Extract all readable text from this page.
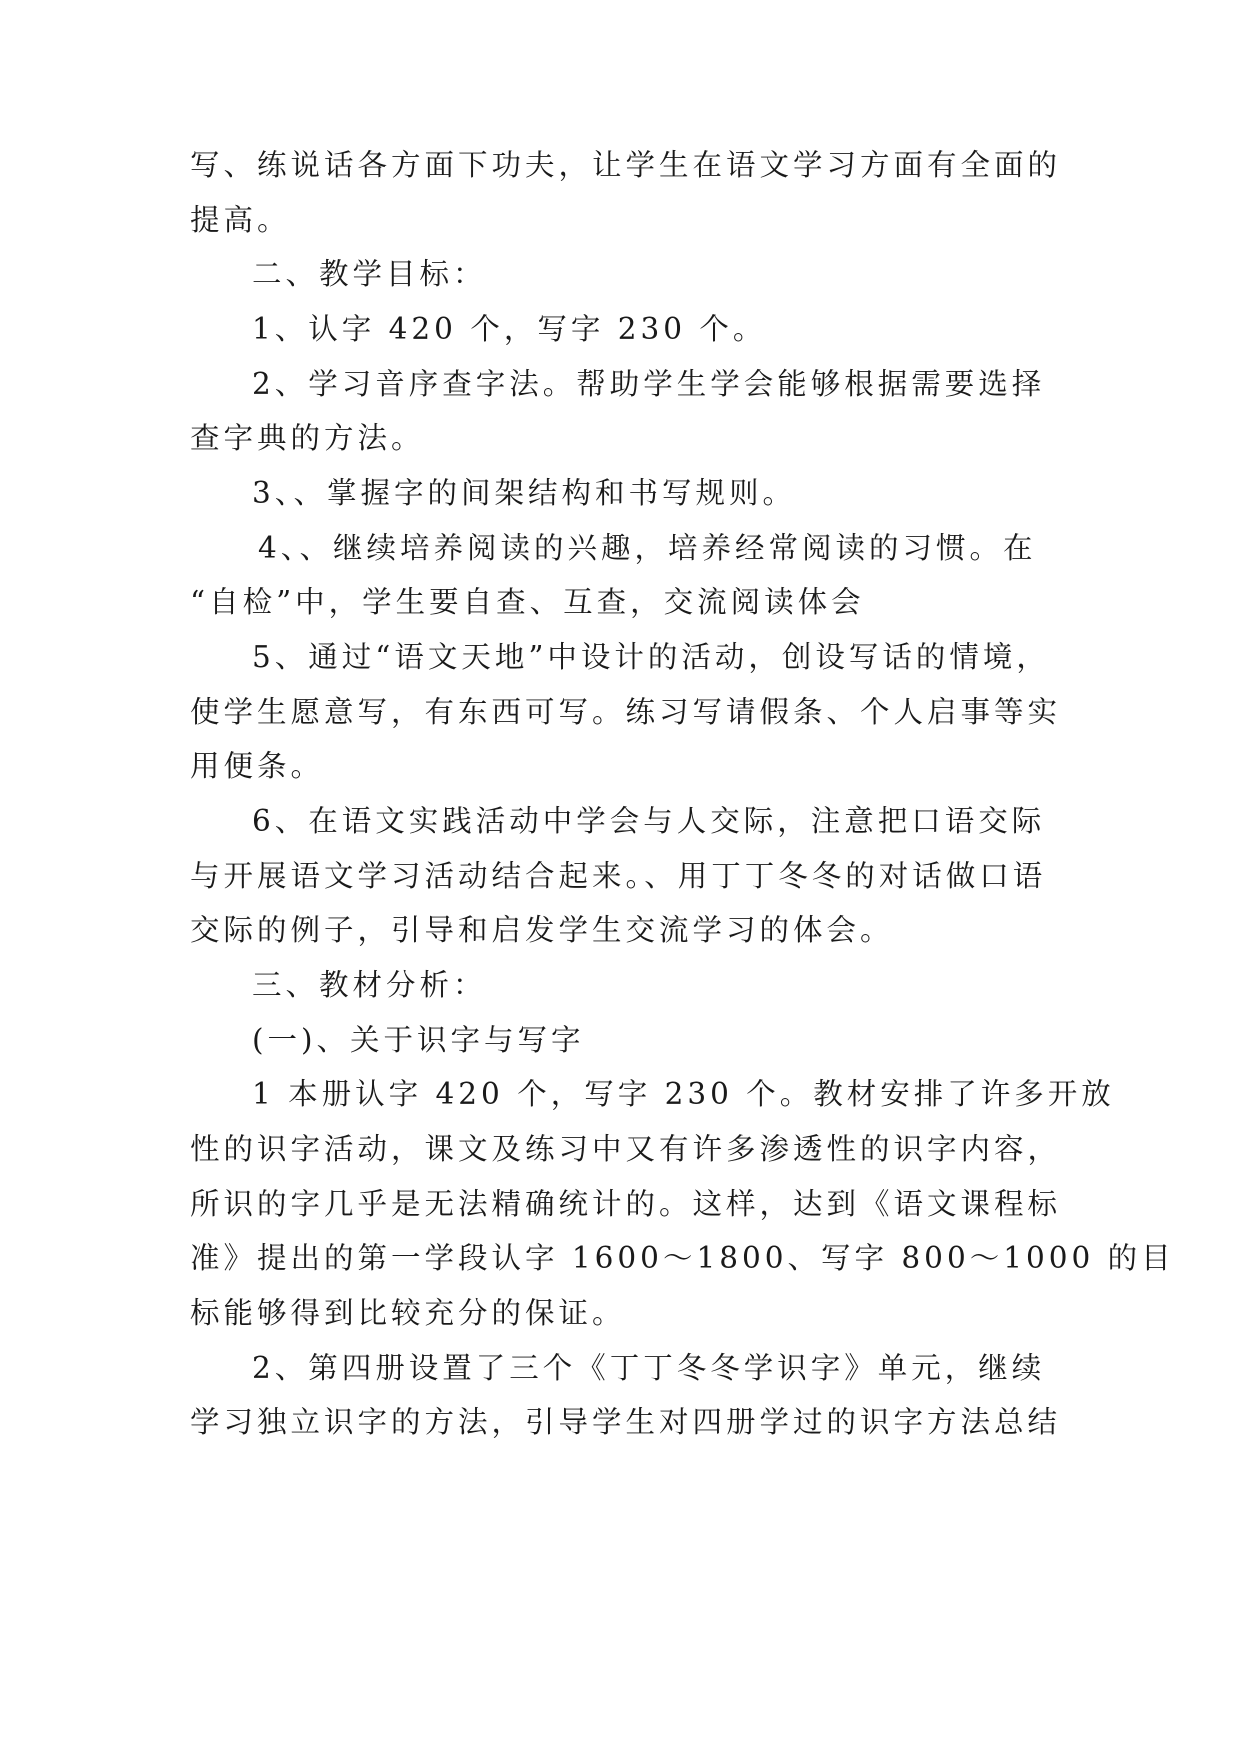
写、练说话各方面下功夫，让学生在语文学习方面有全面的
提高。
二、教学目标：
1、认字 420 个，写字 230 个。
2、学习音序查字法。帮助学生学会能够根据需要选择
查字典的方法。
3、、掌握字的间架结构和书写规则。
4、、继续培养阅读的兴趣，培养经常阅读的习惯。在
“自检”中，学生要自查、互查，交流阅读体会
5、通过“语文天地”中设计的活动，创设写话的情境，
使学生愿意写，有东西可写。练习写请假条、个人启事等实
用便条。
6、在语文实践活动中学会与人交际，注意把口语交际
与开展语文学习活动结合起来。、用丁丁冬冬的对话做口语
交际的例子，引导和启发学生交流学习的体会。
三、教材分析：
(一)、关于识字与写字
1 本册认字 420 个，写字 230 个。教材安排了许多开放
性的识字活动，课文及练习中又有许多渗透性的识字内容，
所识的字几乎是无法精确统计的。这样，达到《语文课程标
准》提出的第一学段认字 1600～1800、写字 800～1000 的目
标能够得到比较充分的保证。
2、第四册设置了三个《丁丁冬冬学识字》单元，继续
学习独立识字的方法，引导学生对四册学过的识字方法总结
